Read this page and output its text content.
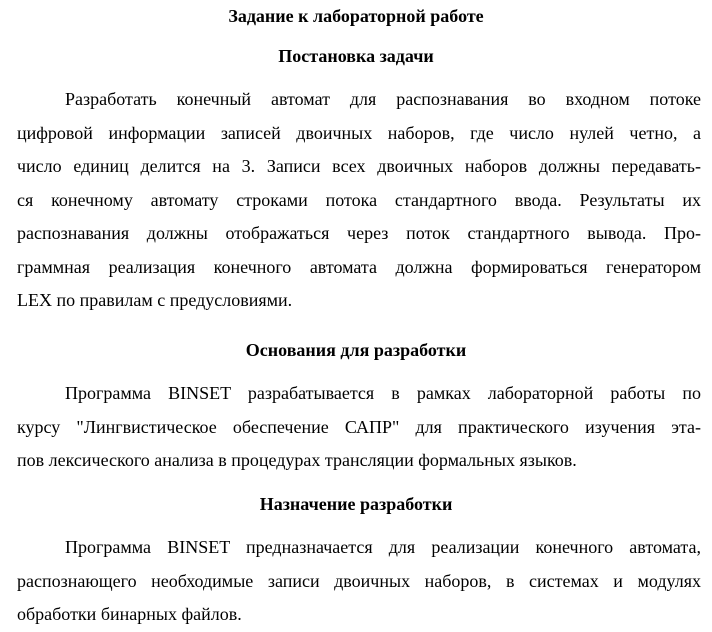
Задание к лабораторной работе
Постановка задачи
Разработать конечный автомат для распознавания во входном потоке
цифровой информации записей двоичных наборов, где число нулей четно, а
число единиц делится на 3. Записи всех двоичных наборов должны передавать-
ся конечному автомату строками потока стандартного ввода. Результаты их
распознавания должны отображаться через поток стандартного вывода. Про-
граммная реализация конечного автомата должна формироваться генератором
LEX по правилам с предусловиями.
Основания для разработки
Программа BINSET разрабатывается в рамках лабораторной работы по
курсу "Лингвистическое обеспечение САПР" для практического изучения эта-
пов лексического анализа в процедурах трансляции формальных языков.
Назначение разработки
Программа BINSET предназначается для реализации конечного автомата,
распознающего необходимые записи двоичных наборов, в системах и модулях
обработки бинарных файлов.
